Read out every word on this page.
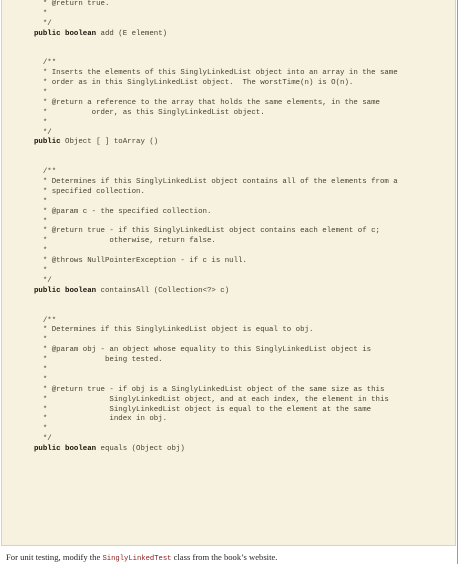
* @return true.
*
*/
public boolean add (E element)
/**
* Inserts the elements of this SinglyLinkedList object into an array in the same
* order as in this SinglyLinkedList object.  The worstTime(n) is O(n).
*
* @return a reference to the array that holds the same elements, in the same
*          order, as this SinglyLinkedList object.
*
*/
public Object [ ] toArray ()
/**
* Determines if this SinglyLinkedList object contains all of the elements from a
* specified collection.
*
* @param c - the specified collection.
*
* @return true - if this SinglyLinkedList object contains each element of c;
*              otherwise, return false.
*
* @throws NullPointerException - if c is null.
*
*/
public boolean containsAll (Collection<?> c)
/**
* Determines if this SinglyLinkedList object is equal to obj.
*
* @param obj - an object whose equality to this SinglyLinkedList object is
*             being tested.
*
*
* @return true - if obj is a SinglyLinkedList object of the same size as this
*              SinglyLinkedList object, and at each index, the element in this
*              SinglyLinkedList object is equal to the element at the same
*              index in obj.
*
*/
public boolean equals (Object obj)
For unit testing, modify the SinglyLinkedTest class from the book’s website.
